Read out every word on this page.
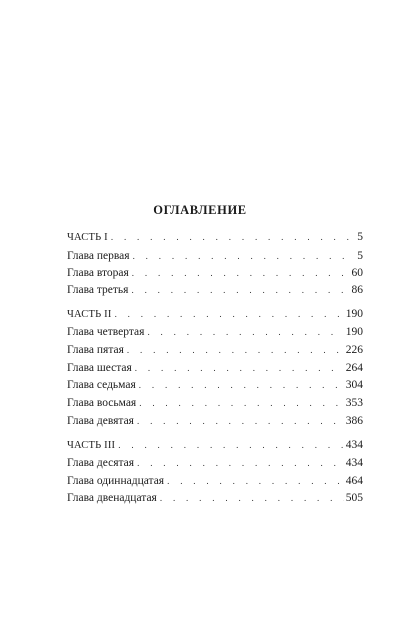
ОГЛАВЛЕНИЕ
ЧАСТЬ I . . .	5
Глава первая . . .	5
Глава вторая . . .	60
Глава третья . . .	86
ЧАСТЬ II . . .	190
Глава четвертая . . .	190
Глава пятая . . .	226
Глава шестая . . .	264
Глава седьмая . . .	304
Глава восьмая . . .	353
Глава девятая . . .	386
ЧАСТЬ III . . .	434
Глава десятая . . .	434
Глава одиннадцатая . . .	464
Глава двенадцатая . . .	505
